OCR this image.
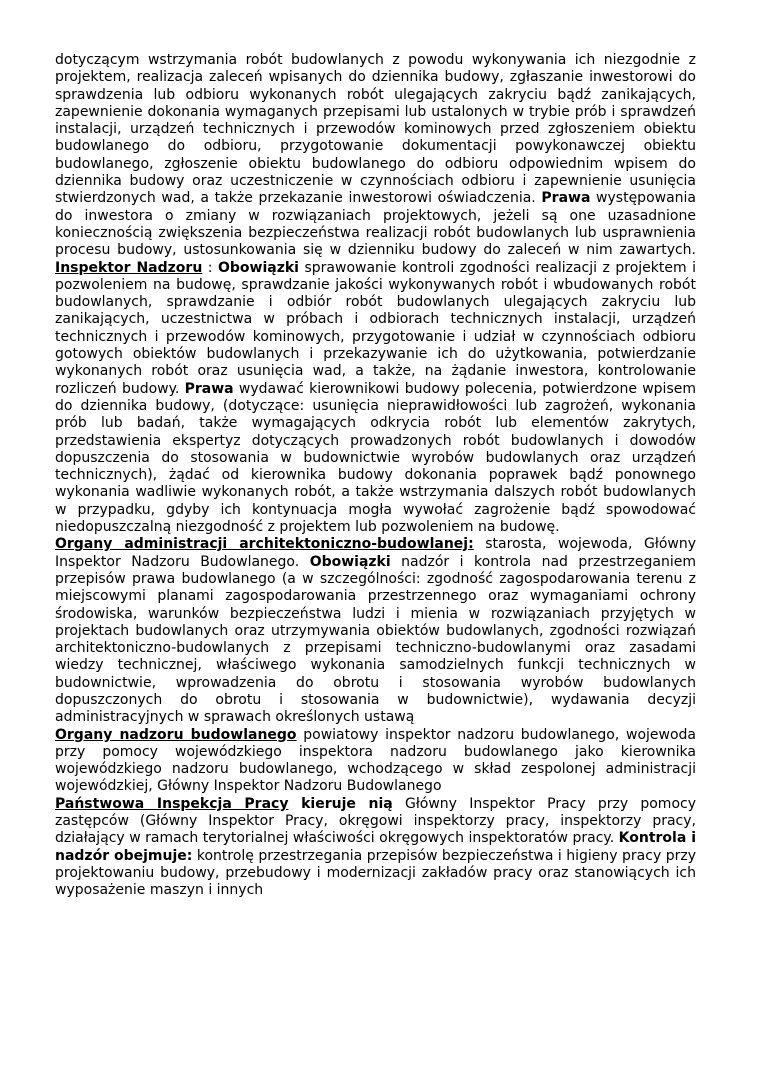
dotyczącym wstrzymania robót budowlanych z powodu wykonywania ich niezgodnie z projektem, realizacja zaleceń wpisanych do dziennika budowy, zgłaszanie inwestorowi do sprawdzenia lub odbioru wykonanych robót ulegających zakryciu bądź zanikających, zapewnienie dokonania wymaganych przepisami lub ustalonych w trybie prób i sprawdzeń instalacji, urządzeń technicznych i przewodów kominowych przed zgłoszeniem obiektu budowlanego do odbioru, przygotowanie dokumentacji powykonawczej obiektu budowlanego, zgłoszenie obiektu budowlanego do odbioru odpowiednim wpisem do dziennika budowy oraz uczestniczenie w czynnościach odbioru i zapewnienie usunięcia stwierdzonych wad, a także przekazanie inwestorowi oświadczenia. Prawa występowania do inwestora o zmiany w rozwiązaniach projektowych, jeżeli są one uzasadnione koniecznością zwiększenia bezpieczeństwa realizacji robót budowlanych lub usprawnienia procesu budowy, ustosunkowania się w dzienniku budowy do zaleceń w nim zawartych. Inspektor Nadzoru : Obowiązki sprawowanie kontroli zgodności realizacji z projektem i pozwoleniem na budowę, sprawdzanie jakości wykonywanych robót i wbudowanych robót budowlanych, sprawdzanie i odbiór robót budowlanych ulegających zakryciu lub zanikających, uczestnictwa w próbach i odbiorach technicznych instalacji, urządzeń technicznych i przewodów kominowych, przygotowanie i udział w czynnościach odbioru gotowych obiektów budowlanych i przekazywanie ich do użytkowania, potwierdzanie wykonanych robót oraz usunięcia wad, a także, na żądanie inwestora, kontrolowanie rozliczeń budowy. Prawa wydawać kierownikowi budowy polecenia, potwierdzone wpisem do dziennika budowy, (dotyczące: usunięcia nieprawidłowości lub zagrożeń, wykonania prób lub badań, także wymagających odkrycia robót lub elementów zakrytych, przedstawienia ekspertyz dotyczących prowadzonych robót budowlanych i dowodów dopuszczenia do stosowania w budownictwie wyrobów budowlanych oraz urządzeń technicznych), żądać od kierownika budowy dokonania poprawek bądź ponownego wykonania wadliwie wykonanych robót, a także wstrzymania dalszych robót budowlanych w przypadku, gdyby ich kontynuacja mogła wywołać zagrożenie bądź spowodować niedopuszczalną niezgodność z projektem lub pozwoleniem na budowę.

Organy administracji architektoniczno-budowlanej: starosta, wojewoda, Główny Inspektor Nadzoru Budowlanego. Obowiązki nadzór i kontrola nad przestrzeganiem przepisów prawa budowlanego (a w szczególności: zgodność zagospodarowania terenu z miejscowymi planami zagospodarowania przestrzennego oraz wymaganiami ochrony środowiska, warunków bezpieczeństwa ludzi i mienia w rozwiązaniach przyjętych w projektach budowlanych oraz utrzymywania obiektów budowlanych, zgodności rozwiązań architektoniczno-budowlanych z przepisami techniczno-budowlanymi oraz zasadami wiedzy technicznej, właściwego wykonania samodzielnych funkcji technicznych w budownictwie, wprowadzenia do obrotu i stosowania wyrobów budowlanych dopuszczonych do obrotu i stosowania w budownictwie), wydawania decyzji administracyjnych w sprawach określonych ustawą

Organy nadzoru budowlanego powiatowy inspektor nadzoru budowlanego, wojewoda przy pomocy wojewódzkiego inspektora nadzoru budowlanego jako kierownika wojewódzkiego nadzoru budowlanego, wchodzącego w skład zespolonej administracji wojewódzkiej, Główny Inspektor Nadzoru Budowlanego

Państwowa Inspekcja Pracy kieruje nią Główny Inspektor Pracy przy pomocy zastępców (Główny Inspektor Pracy, okręgowi inspektorzy pracy, inspektorzy pracy, działający w ramach terytorialnej właściwości okręgowych inspektoratów pracy. Kontrola i nadzór obejmuje: kontrolę przestrzegania przepisów bezpieczeństwa i higieny pracy przy projektowaniu budowy, przebudowy i modernizacji zakładów pracy oraz stanowiących ich wyposażenie maszyn i innych
